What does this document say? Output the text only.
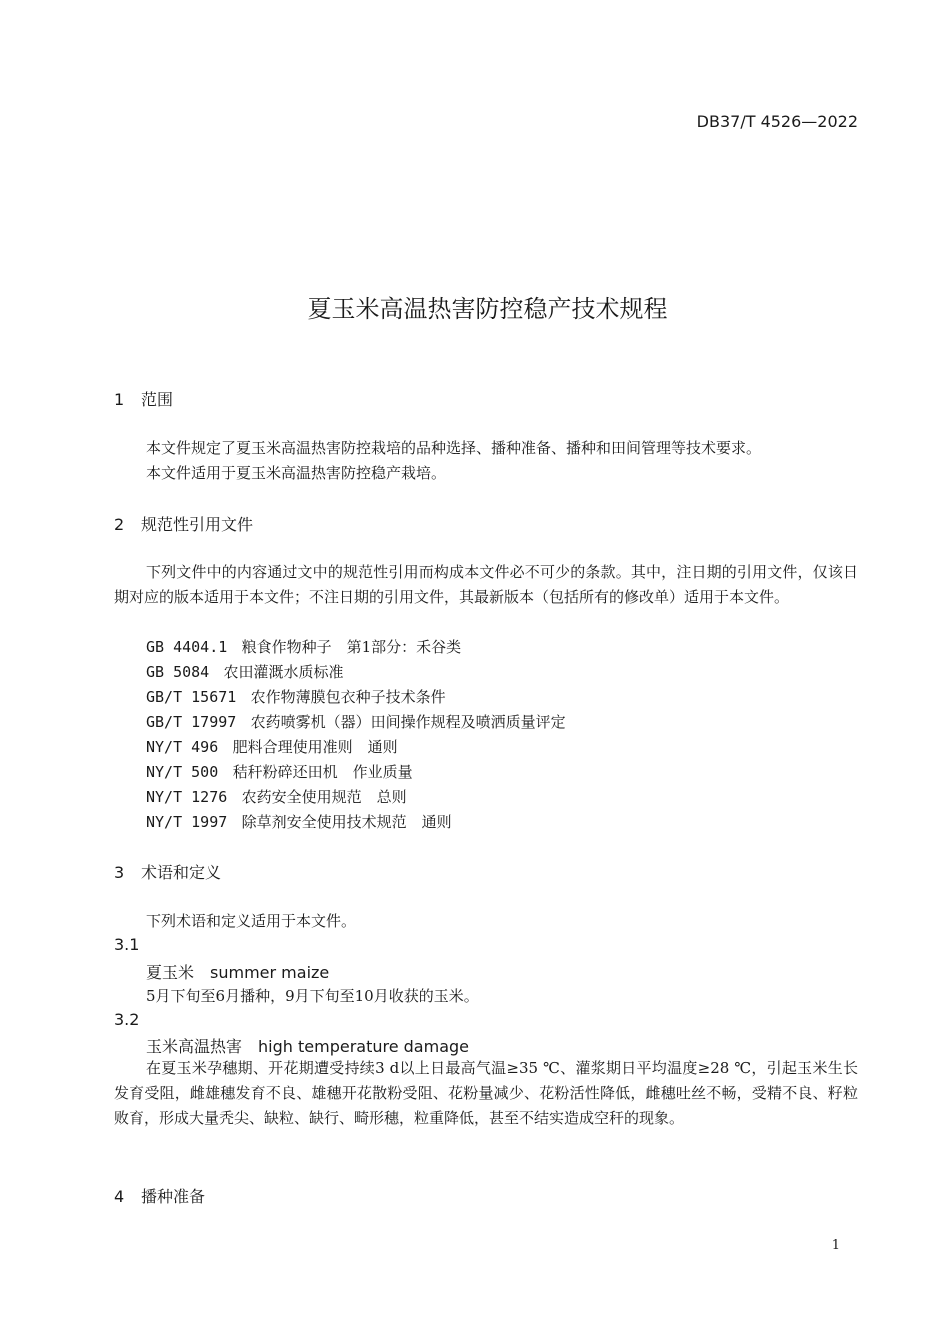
DB37/T 4526—2022
夏玉米高温热害防控稳产技术规程
1 范围
本文件规定了夏玉米高温热害防控栽培的品种选择、播种准备、播种和田间管理等技术要求。
本文件适用于夏玉米高温热害防控稳产栽培。
2 规范性引用文件
下列文件中的内容通过文中的规范性引用而构成本文件必不可少的条款。其中，注日期的引用文件，仅该日期对应的版本适用于本文件；不注日期的引用文件，其最新版本（包括所有的修改单）适用于本文件。
GB 4404.1 粮食作物种子　第1部分：禾谷类
GB 5084 农田灌溉水质标准
GB/T 15671 农作物薄膜包衣种子技术条件
GB/T 17997 农药喷雾机（器）田间操作规程及喷洒质量评定
NY/T 496 肥料合理使用准则　通则
NY/T 500 秸秆粉碎还田机　作业质量
NY/T 1276 农药安全使用规范　总则
NY/T 1997 除草剂安全使用技术规范　通则
3 术语和定义
下列术语和定义适用于本文件。
3.1
夏玉米 summer maize
5月下旬至6月播种，9月下旬至10月收获的玉米。
3.2
玉米高温热害 high temperature damage
在夏玉米孕穗期、开花期遭受持续3 d以上日最高气温≥35 ℃、灌浆期日平均温度≥28 ℃，引起玉米生长发育受阻，雌雄穗发育不良、雄穗开花散粉受阻、花粉量减少、花粉活性降低，雌穗吐丝不畅，受精不良、籽粒败育，形成大量秃尖、缺粒、缺行、畸形穗，粒重降低，甚至不结实造成空秆的现象。
4 播种准备
1
